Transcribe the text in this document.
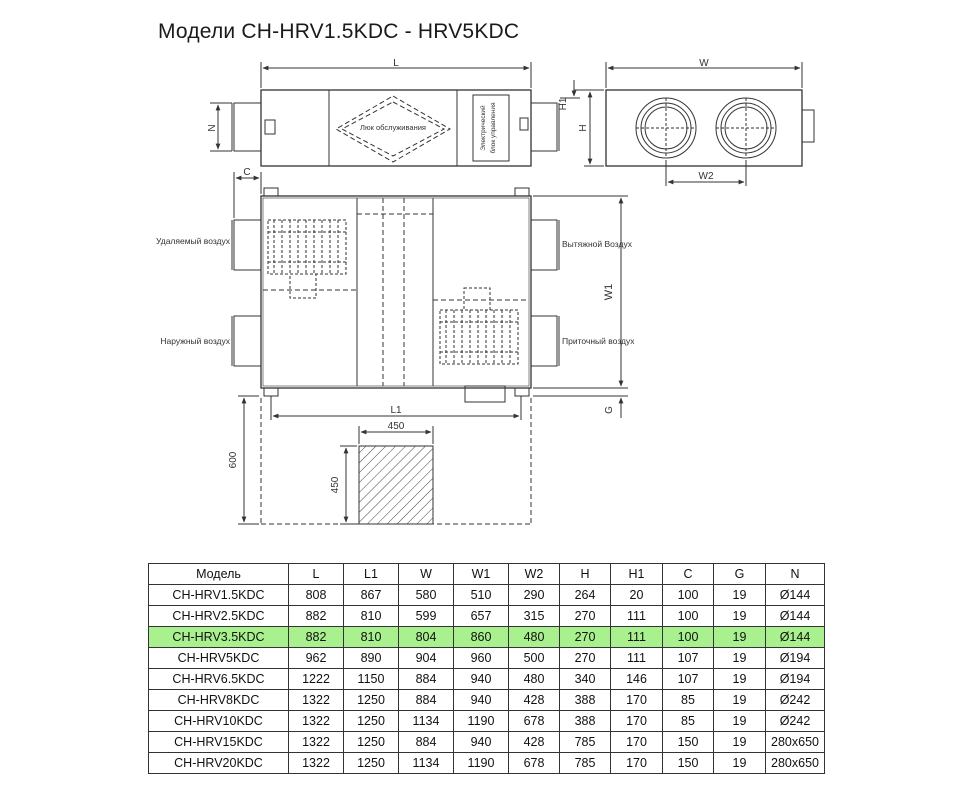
Модели CH-HRV1.5KDC - HRV5KDC
L
N	Люк обслуживания	Электрический блок управления
W
W2
H
H1
C
W1
G
L1
Удаляемый воздух
Наружный воздух
Вытяжной Воздух
Приточный воздух
450
450
600
Модель	L	L1	W	W1	W2	H	H1	C	G	N
CH-HRV1.5KDC	808	867	580	510	290	264	20	100	19	Ø144
CH-HRV2.5KDC	882	810	599	657	315	270	111	100	19	Ø144
CH-HRV3.5KDC	882	810	804	860	480	270	111	100	19	Ø144
CH-HRV5KDC	962	890	904	960	500	270	111	107	19	Ø194
CH-HRV6.5KDC	1222	1150	884	940	480	340	146	107	19	Ø194
CH-HRV8KDC	1322	1250	884	940	428	388	170	85	19	Ø242
CH-HRV10KDC	1322	1250	1134	1190	678	388	170	85	19	Ø242
CH-HRV15KDC	1322	1250	884	940	428	785	170	150	19	280x650
CH-HRV20KDC	1322	1250	1134	1190	678	785	170	150	19	280x650
